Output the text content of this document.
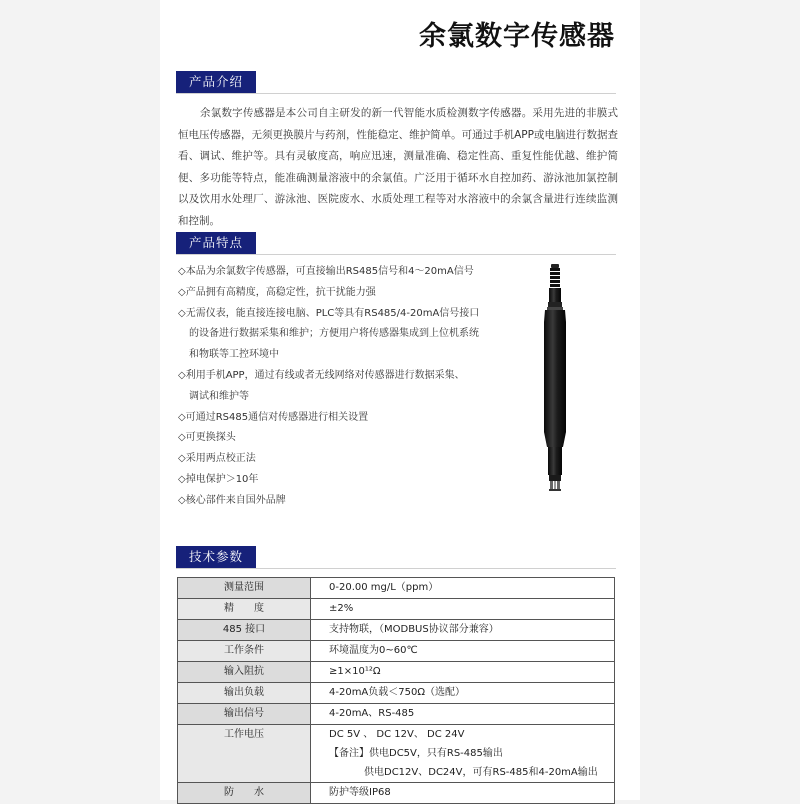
余氯数字传感器
产品介绍
余氯数字传感器是本公司自主研发的新一代智能水质检测数字传感器。采用先进的非膜式恒电压传感器，无须更换膜片与药剂，性能稳定、维护简单。可通过手机APP或电脑进行数据查看、调试、维护等。具有灵敏度高，响应迅速，测量准确、稳定性高、重复性能优越、维护简便、多功能等特点，能准确测量溶液中的余氯值。广泛用于循环水自控加药、游泳池加氯控制以及饮用水处理厂、游泳池、医院废水、水质处理工程等对水溶液中的余氯含量进行连续监测和控制。
产品特点
◇本品为余氯数字传感器，可直接输出RS485信号和4～20mA信号
◇产品拥有高精度，高稳定性，抗干扰能力强
◇无需仪表，能直接连接电脑、PLC等具有RS485/4-20mA信号接口
的设备进行数据采集和维护；方便用户将传感器集成到上位机系统
和物联等工控环境中
◇利用手机APP，通过有线或者无线网络对传感器进行数据采集、
调试和维护等
◇可通过RS485通信对传感器进行相关设置
◇可更换探头
◇采用两点校正法
◇掉电保护＞10年
◇核心部件来自国外品牌
技术参数
测量范围	0-20.00 mg/L（ppm）
精　　度	±2%
485 接口	支持物联，（MODBUS协议部分兼容）
工作条件	环境温度为0~60℃
输入阻抗	≥1×10¹²Ω
输出负载	4-20mA负载＜750Ω（选配）
输出信号	4-20mA、RS-485
工作电压	DC 5V 、 DC 12V、 DC 24V
【备注】供电DC5V，只有RS-485输出
供电DC12V、DC24V，可有RS-485和4-20mA输出

防　　水	防护等级IP68
